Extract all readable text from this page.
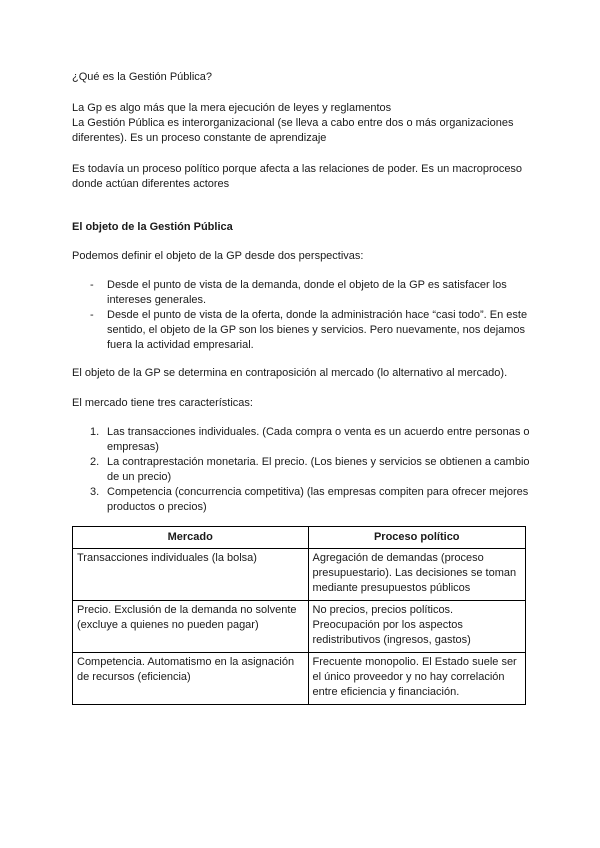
¿Qué es la Gestión Pública?

La Gp es algo más que la mera ejecución de leyes y reglamentos

La Gestión Pública es interorganizacional (se lleva a cabo entre dos o más organizaciones diferentes). Es un proceso constante de aprendizaje

Es todavía un proceso político porque afecta a las relaciones de poder. Es un macroproceso donde actúan diferentes actores

El objeto de la Gestión Pública

Podemos definir el objeto de la GP desde dos perspectivas:

- Desde el punto de vista de la demanda, donde el objeto de la GP es satisfacer los intereses generales.
- Desde el punto de vista de la oferta, donde la administración hace “casi todo”. En este sentido, el objeto de la GP son los bienes y servicios. Pero nuevamente, nos dejamos fuera la actividad empresarial.

El objeto de la GP se determina en contraposición al mercado (lo alternativo al mercado).

El mercado tiene tres características:

1. Las transacciones individuales. (Cada compra o venta es un acuerdo entre personas o empresas)
2. La contraprestación monetaria. El precio. (Los bienes y servicios se obtienen a cambio de un precio)
3. Competencia (concurrencia competitiva) (las empresas compiten para ofrecer mejores productos o precios)
Mercado	Proceso político
Transacciones individuales (la bolsa)	Agregación de demandas (proceso presupuestario). Las decisiones se toman mediante presupuestos públicos
Precio. Exclusión de la demanda no solvente (excluye a quienes no pueden pagar)	No precios, precios políticos. Preocupación por los aspectos redistributivos (ingresos, gastos)
Competencia. Automatismo en la asignación de recursos (eficiencia)	Frecuente monopolio. El Estado suele ser el único proveedor y no hay correlación entre eficiencia y financiación.
